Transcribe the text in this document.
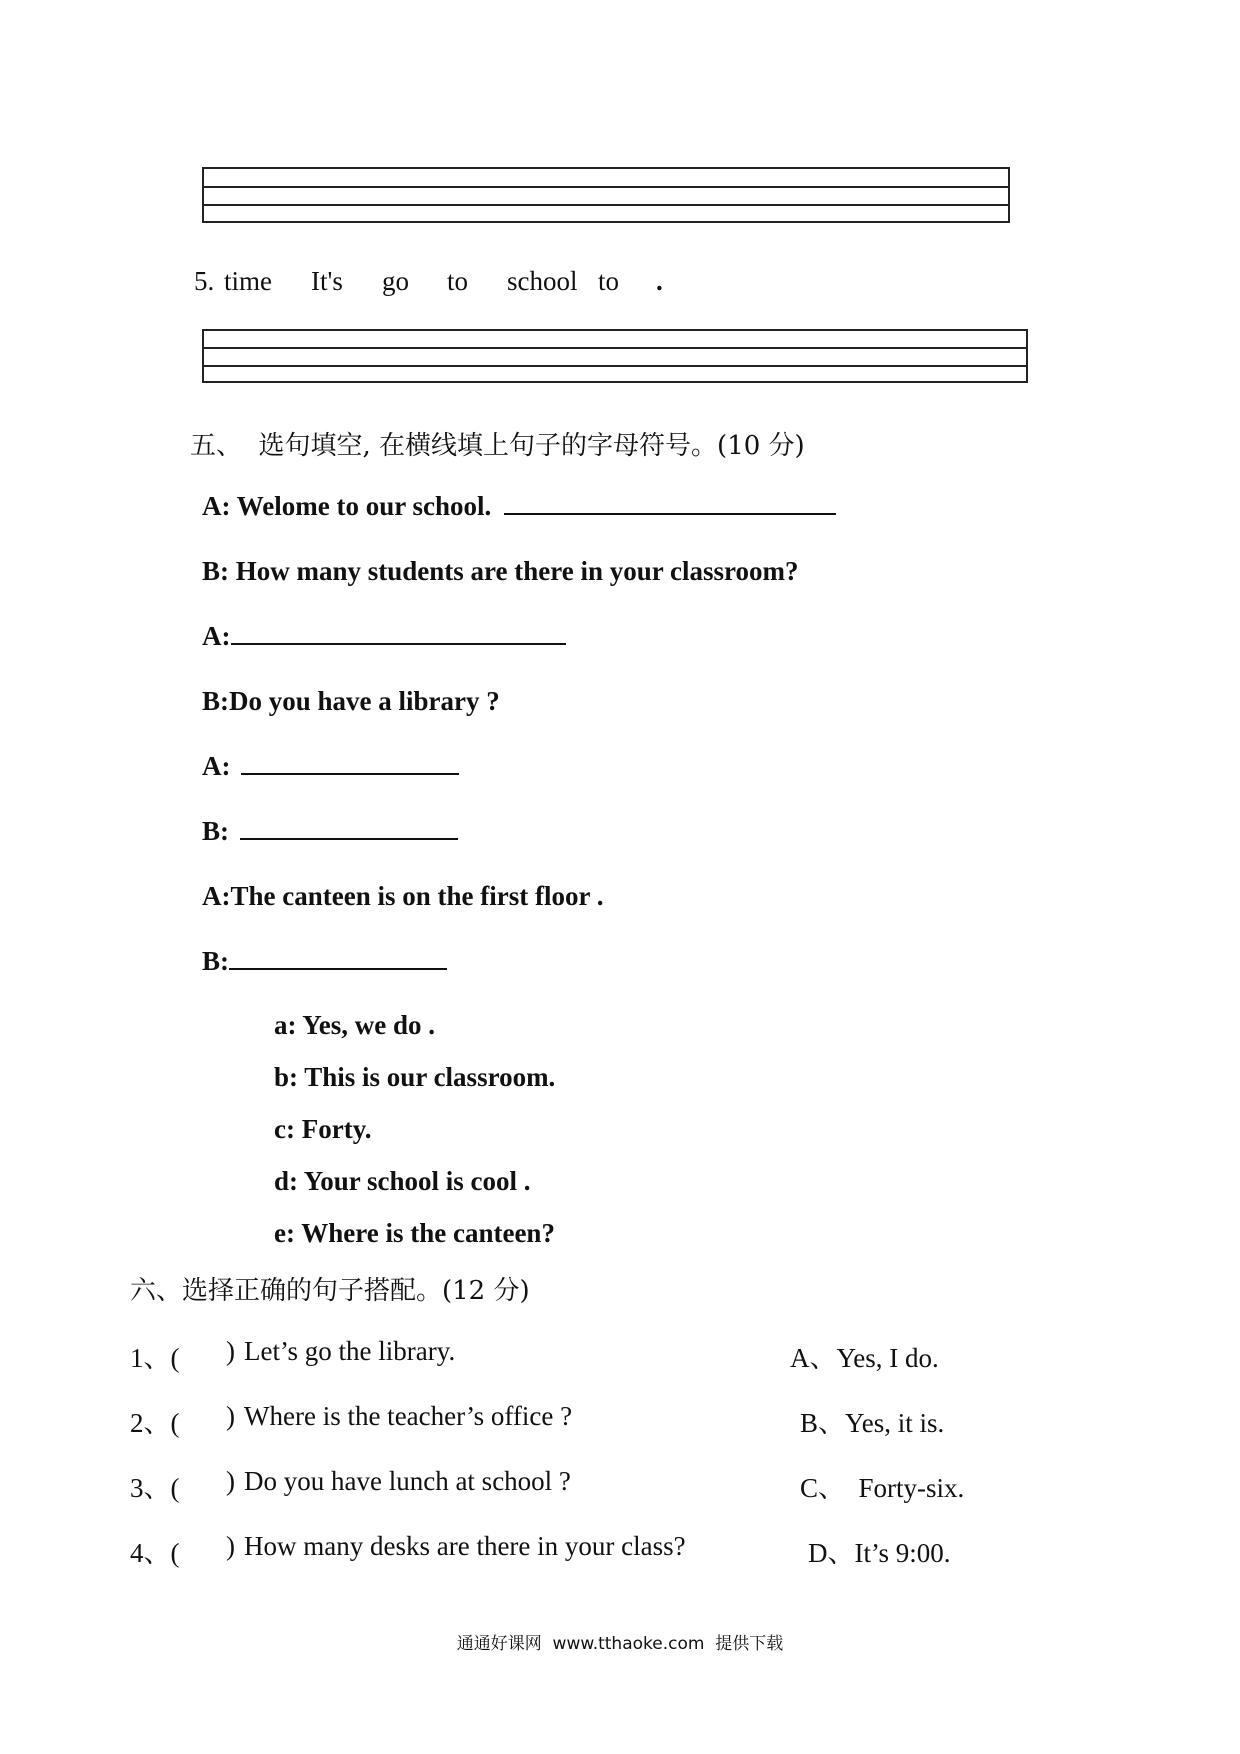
5. time It's go to school to .
五、  选句填空, 在横线填上句子的字母符号。(10 分)
A: Welome to our school.
B: How many students are there in your classroom?
A:
B:Do you have a library ?
A:
B:
A:The canteen is on the first floor .
B:
a: Yes, we do .
b: This is our classroom.
c: Forty.
d: Your school is cool .
e: Where is the canteen?
六、选择正确的句子搭配。(12 分)
1、( ) Let’s go the library.	A、Yes, I do.
2、( ) Where is the teacher’s office ?	B、Yes, it is.
3、( ) Do you have lunch at school ?	C、  Forty-six.
4、( ) How many desks are there in your class?	D、It’s 9:00.
通通好课网  www.tthaoke.com  提供下载
